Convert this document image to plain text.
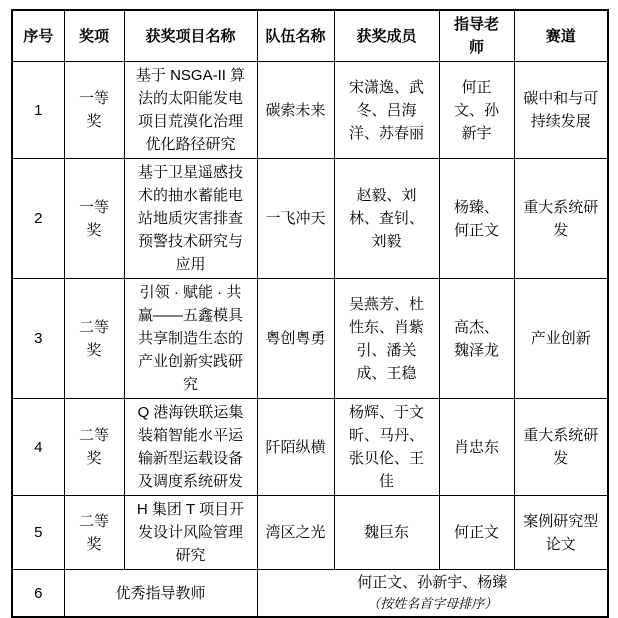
序号	奖项	获奖项目名称	队伍名称	获奖成员	指导老师	赛道
1	一等奖	基于 NSGA-II 算法的太阳能发电项目荒漠化治理优化路径研究	碳索未来	宋潇逸、武冬、吕海洋、苏春丽	何正文、孙新宇	碳中和与可持续发展
2	一等奖	基于卫星遥感技术的抽水蓄能电站地质灾害排查预警技术研究与应用	一飞冲天	赵毅、刘林、查钊、刘毅	杨臻、何正文	重大系统研发
3	二等奖	引领 · 赋能 · 共赢——五鑫模具共享制造生态的产业创新实践研究	粤创粤勇	吴燕芳、杜性东、肖紫引、潘关成、王稳	高杰、魏泽龙	产业创新
4	二等奖	Q 港海铁联运集装箱智能水平运输新型运载设备及调度系统研发	阡陌纵横	杨辉、于文昕、马丹、张贝伦、王佳	肖忠东	重大系统研发
5	二等奖	H 集团 T 项目开发设计风险管理研究	湾区之光	魏巨东	何正文	案例研究型论文
6	优秀指导教师		何正文、孙新宇、杨臻
（按姓名首字母排序）			
